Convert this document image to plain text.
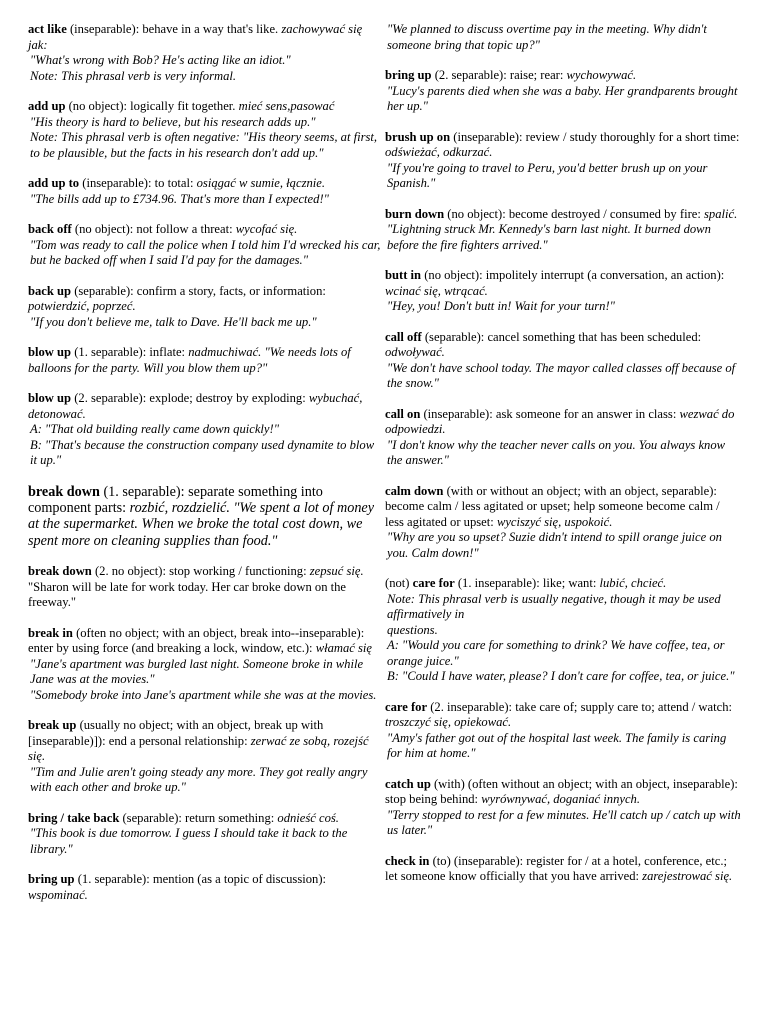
act like (inseparable): behave in a way that's like. zachowywać się jak:
"What's wrong with Bob? He's acting like an idiot."
Note: This phrasal verb is very informal.
add up (no object): logically fit together. mieć sens,pasować
"His theory is hard to believe, but his research adds up."
Note: This phrasal verb is often negative: "His theory seems, at first, to be plausible, but the facts in his research don't add up."
add up to (inseparable): to total: osiągać w sumie, łącznie.
"The bills add up to £734.96. That's more than I expected!"
back off (no object): not follow a threat: wycofać się.
"Tom was ready to call the police when I told him I'd wrecked his car, but he backed off when I said I'd pay for the damages."
back up (separable): confirm a story, facts, or information: potwierdzić, poprzeć.
"If you don't believe me, talk to Dave. He'll back me up."
blow up (1. separable): inflate: nadmuchiwać. "We needs lots of balloons for the party. Will you blow them up?"
blow up (2. separable): explode; destroy by exploding: wybuchać, detonować.
A: "That old building really came down quickly!"
B: "That's because the construction company used dynamite to blow it up."
break down (1. separable): separate something into component parts: rozbić, rozdzielić. "We spent a lot of money at the supermarket. When we broke the total cost down, we spent more on cleaning supplies than food."
break down (2. no object): stop working / functioning: zepsuć się. "Sharon will be late for work today. Her car broke down on the freeway."
break in (often no object; with an object, break into--inseparable): enter by using force (and breaking a lock, window, etc.): włamać się
"Jane's apartment was burgled last night. Someone broke in while Jane was at the movies."
"Somebody broke into Jane's apartment while she was at the movies.
break up (usually no object; with an object, break up with [inseparable)]): end a personal relationship: zerwać ze sobą, rozejść się.
"Tim and Julie aren't going steady any more. They got really angry with each other and broke up."
bring / take back (separable): return something: odnieść coś.
"This book is due tomorrow. I guess I should take it back to the library."
bring up (1. separable): mention (as a topic of discussion): wspominać.
"We planned to discuss overtime pay in the meeting. Why didn't someone bring that topic up?"
bring up (2. separable): raise; rear: wychowywać.
"Lucy's parents died when she was a baby. Her grandparents brought her up."
brush up on (inseparable): review / study thoroughly for a short time: odświeżać, odkurzać.
"If you're going to travel to Peru, you'd better brush up on your Spanish."
burn down (no object): become destroyed / consumed by fire: spalić.
"Lightning struck Mr. Kennedy's barn last night. It burned down before the fire fighters arrived."
butt in (no object): impolitely interrupt (a conversation, an action): wcinać się, wtrącać.
"Hey, you! Don't butt in! Wait for your turn!"
call off (separable): cancel something that has been scheduled: odwoływać.
"We don't have school today. The mayor called classes off because of the snow."
call on (inseparable): ask someone for an answer in class: wezwać do odpowiedzi.
"I don't know why the teacher never calls on you. You always know the answer."
calm down (with or without an object; with an object, separable): become calm / less agitated or upset; help someone become calm / less agitated or upset: wyciszyć się, uspokoić.
"Why are you so upset? Suzie didn't intend to spill orange juice on you. Calm down!"
(not) care for (1. inseparable): like; want: lubić, chcieć.
Note: This phrasal verb is usually negative, though it may be used affirmatively in
questions.
A: "Would you care for something to drink? We have coffee, tea, or orange juice."
B: "Could I have water, please? I don't care for coffee, tea, or juice."
care for (2. inseparable): take care of; supply care to; attend / watch: troszczyć się, opiekować.
"Amy's father got out of the hospital last week. The family is caring for him at home."
catch up (with) (often without an object; with an object, inseparable): stop being behind: wyrównywać, doganiać innych.
"Terry stopped to rest for a few minutes. He'll catch up / catch up with us later."
check in (to) (inseparable): register for / at a hotel, conference, etc.; let someone know officially that you have arrived: zarejestrować się.
